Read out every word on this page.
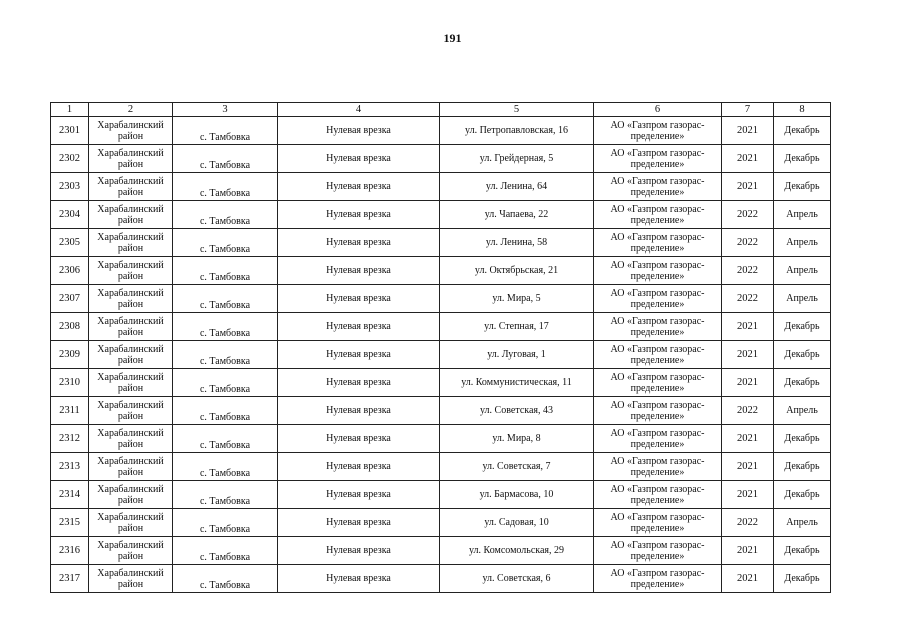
191
1	2	3	4	5	6	7	8
2301	Харабалинский район	с. Тамбовка	Нулевая врезка	ул. Петропавловская, 16	АО «Газпром газорас-пределение»	2021	Декабрь
2302	Харабалинский район	с. Тамбовка	Нулевая врезка	ул. Грейдерная, 5	АО «Газпром газорас-пределение»	2021	Декабрь
2303	Харабалинский район	с. Тамбовка	Нулевая врезка	ул. Ленина, 64	АО «Газпром газорас-пределение»	2021	Декабрь
2304	Харабалинский район	с. Тамбовка	Нулевая врезка	ул. Чапаева, 22	АО «Газпром газорас-пределение»	2022	Апрель
2305	Харабалинский район	с. Тамбовка	Нулевая врезка	ул. Ленина, 58	АО «Газпром газорас-пределение»	2022	Апрель
2306	Харабалинский район	с. Тамбовка	Нулевая врезка	ул. Октябрьская, 21	АО «Газпром газорас-пределение»	2022	Апрель
2307	Харабалинский район	с. Тамбовка	Нулевая врезка	ул. Мира, 5	АО «Газпром газорас-пределение»	2022	Апрель
2308	Харабалинский район	с. Тамбовка	Нулевая врезка	ул. Степная, 17	АО «Газпром газорас-пределение»	2021	Декабрь
2309	Харабалинский район	с. Тамбовка	Нулевая врезка	ул. Луговая, 1	АО «Газпром газорас-пределение»	2021	Декабрь
2310	Харабалинский район	с. Тамбовка	Нулевая врезка	ул. Коммунистическая, 11	АО «Газпром газорас-пределение»	2021	Декабрь
2311	Харабалинский район	с. Тамбовка	Нулевая врезка	ул. Советская, 43	АО «Газпром газорас-пределение»	2022	Апрель
2312	Харабалинский район	с. Тамбовка	Нулевая врезка	ул. Мира, 8	АО «Газпром газорас-пределение»	2021	Декабрь
2313	Харабалинский район	с. Тамбовка	Нулевая врезка	ул. Советская, 7	АО «Газпром газорас-пределение»	2021	Декабрь
2314	Харабалинский район	с. Тамбовка	Нулевая врезка	ул. Бармасова, 10	АО «Газпром газорас-пределение»	2021	Декабрь
2315	Харабалинский район	с. Тамбовка	Нулевая врезка	ул. Садовая, 10	АО «Газпром газорас-пределение»	2022	Апрель
2316	Харабалинский район	с. Тамбовка	Нулевая врезка	ул. Комсомольская, 29	АО «Газпром газорас-пределение»	2021	Декабрь
2317	Харабалинский район	с. Тамбовка	Нулевая врезка	ул. Советская, 6	АО «Газпром газорас-пределение»	2021	Декабрь
